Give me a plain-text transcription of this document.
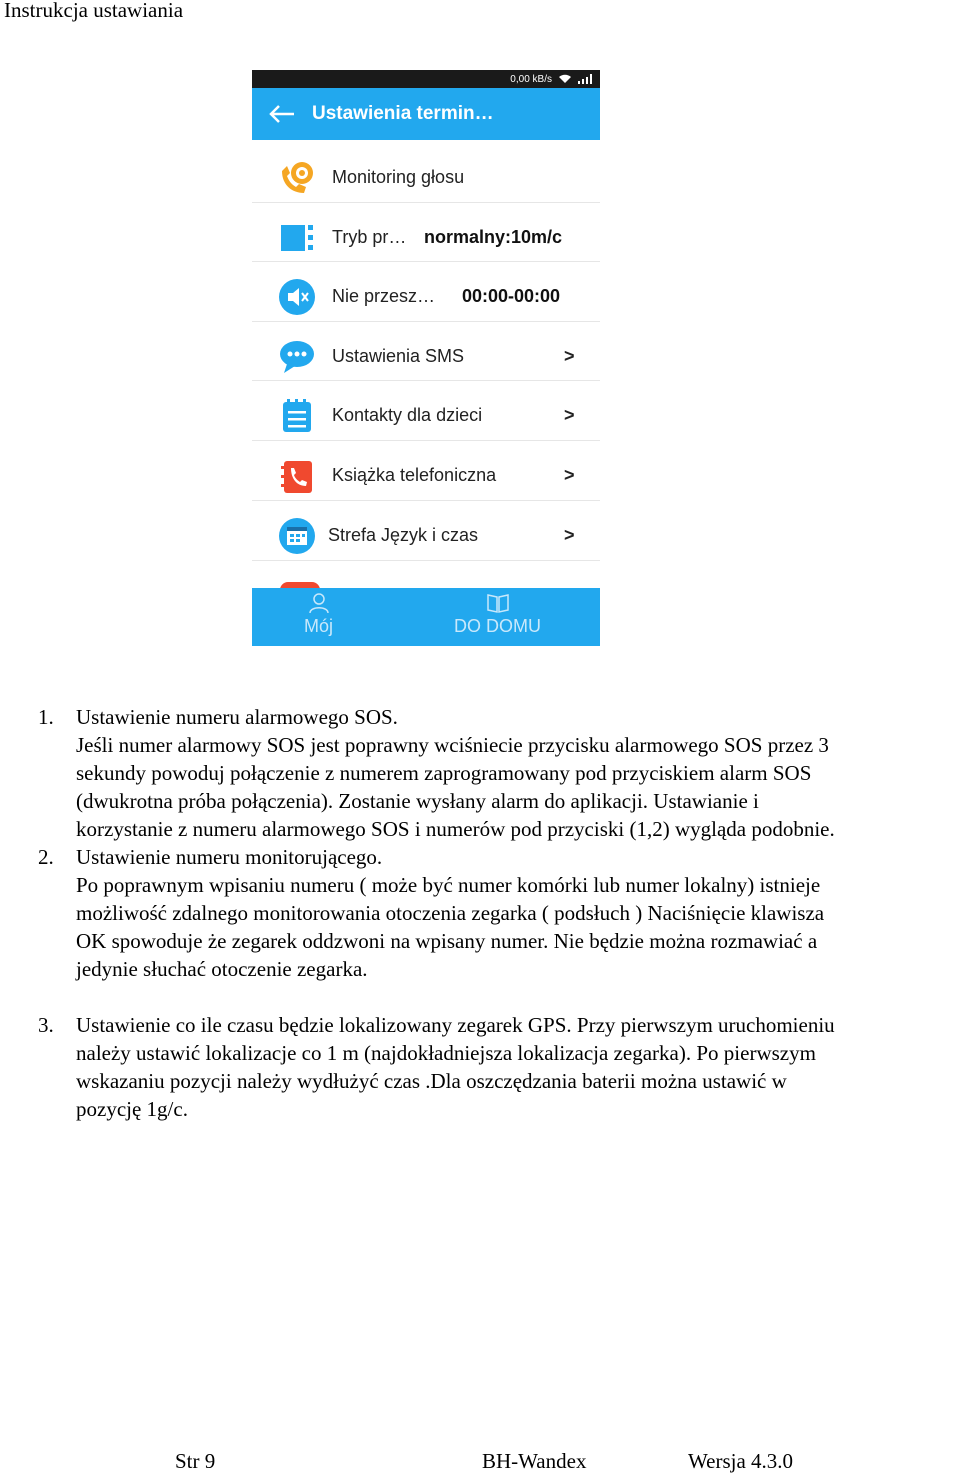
Instrukcja ustawiania
0,00 kB/s
Ustawienia termin…
Monitoring głosu
Tryb pr… normalny:10m/c
Nie przesz… 00:00-00:00
Ustawienia SMS	>
Kontakty dla dzieci	>
Książka telefoniczna	>
Strefa Język i czas	>
Mój	DO DOMU
1. Ustawienie numeru alarmowego SOS.
Jeśli numer alarmowy SOS jest poprawny wciśniecie przycisku alarmowego SOS przez 3
sekundy powoduj połączenie z numerem zaprogramowany pod przyciskiem alarm SOS
(dwukrotna próba połączenia). Zostanie wysłany alarm do aplikacji. Ustawianie i
korzystanie z numeru alarmowego SOS i numerów pod przyciski (1,2) wygląda podobnie.
2. Ustawienie numeru monitorującego.
Po poprawnym wpisaniu numeru ( może być numer komórki lub numer lokalny) istnieje
możliwość zdalnego monitorowania otoczenia zegarka ( podsłuch ) Naciśnięcie klawisza
OK spowoduje że zegarek oddzwoni na wpisany numer. Nie będzie można rozmawiać a
jedynie słuchać otoczenie zegarka.
3. Ustawienie co ile czasu będzie lokalizowany zegarek GPS. Przy pierwszym uruchomieniu
należy ustawić lokalizacje co 1 m (najdokładniejsza lokalizacja zegarka). Po pierwszym
wskazaniu pozycji należy wydłużyć czas .Dla oszczędzania baterii można ustawić w
pozycję 1g/c.
Str 9	BH-Wandex	Wersja 4.3.0
